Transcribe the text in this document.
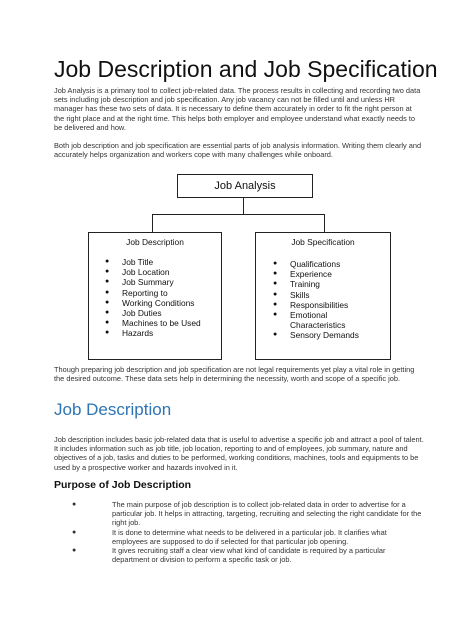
Job Description and Job Specification

Job Analysis is a primary tool to collect job-related data. The process results in collecting and recording two data sets including job description and job specification. Any job vacancy can not be filled until and unless HR manager has these two sets of data. It is necessary to define them accurately in order to fit the right person at the right place and at the right time. This helps both employer and employee understand what exactly needs to be delivered and how.

Both job description and job specification are essential parts of job analysis information. Writing them clearly and accurately helps organization and workers cope with many challenges while onboard.

Job Analysis
Job Description
● Job Title
● Job Location
● Job Summary
● Reporting to
● Working Conditions
● Job Duties
● Machines to be Used
● Hazards
Job Specification
● Qualifications
● Experience
● Training
● Skills
● Responsibilities
● Emotional Characteristics
● Sensory Demands

Though preparing job description and job specification are not legal requirements yet play a vital role in getting the desired outcome. These data sets help in determining the necessity, worth and scope of a specific job.

Job Description

Job description includes basic job-related data that is useful to advertise a specific job and attract a pool of talent. It includes information such as job title, job location, reporting to and of employees, job summary, nature and objectives of a job, tasks and duties to be performed, working conditions, machines, tools and equipments to be used by a prospective worker and hazards involved in it.

Purpose of Job Description
●	The main purpose of job description is to collect job-related data in order to advertise for a particular job. It helps in attracting, targeting, recruiting and selecting the right candidate for the right job.
●	It is done to determine what needs to be delivered in a particular job. It clarifies what employees are supposed to do if selected for that particular job opening.
●	It gives recruiting staff a clear view what kind of candidate is required by a particular department or division to perform a specific task or job.
